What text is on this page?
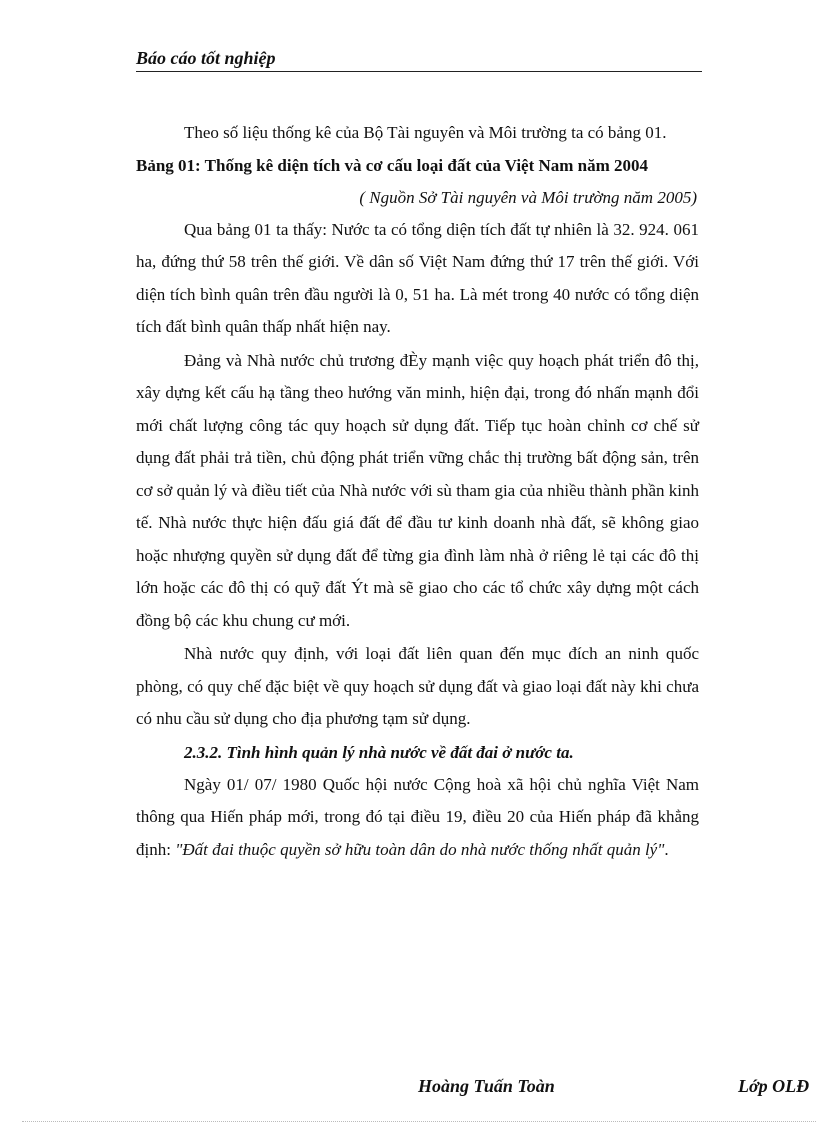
Báo cáo tốt nghiệp

Theo số liệu thống kê của Bộ Tài nguyên và Môi trường ta có bảng 01.

Bảng 01: Thống kê diện tích và cơ cấu loại đất của Việt Nam năm 2004

( Nguồn Sở Tài nguyên và Môi trường năm 2005)

Qua bảng 01 ta thấy: Nước ta có tổng diện tích đất tự nhiên là 32. 924. 061 ha, đứng thứ 58 trên thế giới. Về dân số Việt Nam đứng thứ 17 trên thế giới. Với diện tích bình quân trên đầu người là 0, 51 ha. Là mét trong 40 nước có tổng diện tích đất bình quân thấp nhất hiện nay.

Đảng và Nhà nước chủ trương đÈy mạnh việc quy hoạch phát triển đô thị, xây dựng kết cấu hạ tầng theo hướng văn minh, hiện đại, trong đó nhấn mạnh đổi mới chất lượng công tác quy hoạch sử dụng đất. Tiếp tục hoàn chỉnh cơ chế sử dụng đất phải trả tiền, chủ động phát triển vững chắc thị trường bất động sản, trên cơ sở quản lý và điều tiết của Nhà nước với sù tham gia của nhiều thành phần kinh tế. Nhà nước thực hiện đấu giá đất để đầu tư kinh doanh nhà đất, sẽ không giao hoặc nhượng quyền sử dụng đất để từng gia đình làm nhà ở riêng lẻ tại các đô thị lớn hoặc các đô thị có quỹ đất Ýt mà sẽ giao cho các tổ chức xây dựng một cách đồng bộ các khu chung cư mới.

Nhà nước quy định, với loại đất liên quan đến mục đích an ninh quốc phòng, có quy chế đặc biệt về quy hoạch sử dụng đất và giao loại đất này khi chưa có nhu cầu sử dụng cho địa phương tạm sử dụng.

2.3.2. Tình hình quản lý nhà nước về đất đai ở nước ta.

Ngày 01/ 07/ 1980 Quốc hội nước Cộng hoà xã hội chủ nghĩa Việt Nam thông qua Hiến pháp mới, trong đó tại điều 19, điều 20 của Hiến pháp đã khẳng định: "Đất đai thuộc quyền sở hữu toàn dân do nhà nước thống nhất quản lý".

Hoàng Tuấn Toàn	Lớp OLĐ
